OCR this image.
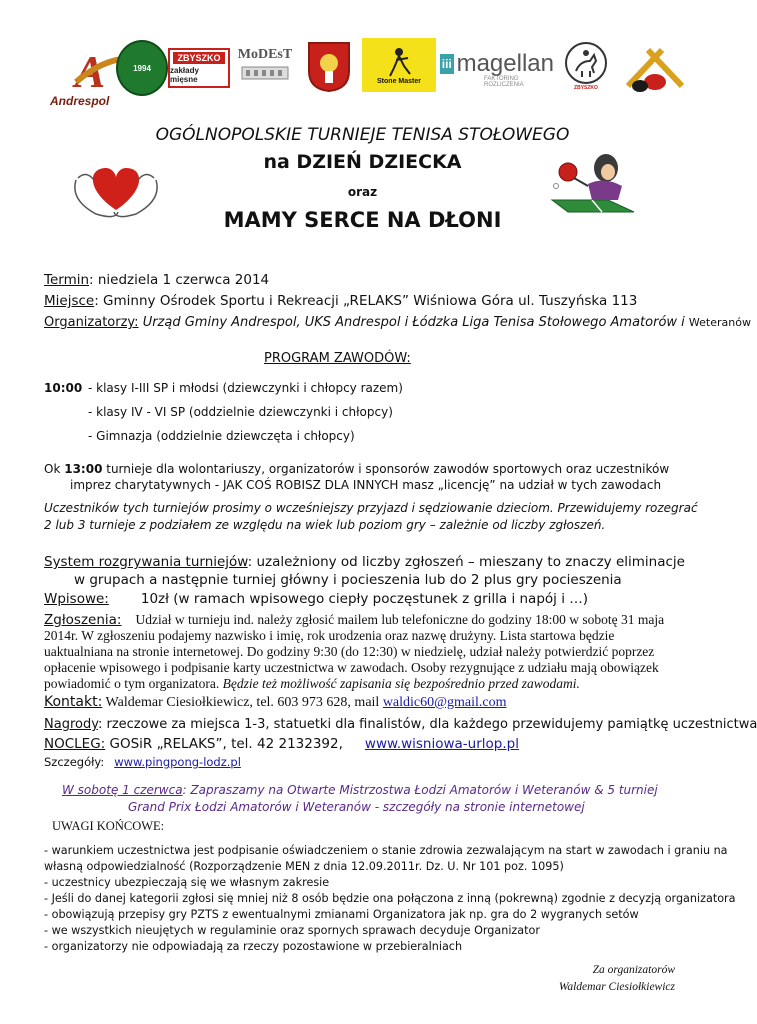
A
Andrespol
1994
ZBYSZKO
zakłady mięsne
MoDEsT
Stone Master
iii magellan
FAKTORING ROZLICZENIA	ZBYSZKO
OGÓLNOPOLSKIE TURNIEJE TENISA STOŁOWEGO
na DZIEŃ DZIECKA
oraz
MAMY SERCE NA DŁONI
Termin: niedziela 1 czerwca 2014
Miejsce: Gminny Ośrodek Sportu i Rekreacji „RELAKS” Wiśniowa Góra ul. Tuszyńska 113
Organizatorzy: Urząd Gminy Andrespol, UKS Andrespol i Łódzka Liga Tenisa Stołowego Amatorów i Weteranów
PROGRAM ZAWODÓW:
10:00 - klasy I-III SP i młodsi (dziewczynki i chłopcy razem)
- klasy IV - VI SP (oddzielnie dziewczynki i chłopcy)
- Gimnazja (oddzielnie dziewczęta i chłopcy)
Ok 13:00 turnieje dla wolontariuszy, organizatorów i sponsorów zawodów sportowych oraz uczestników
imprez charytatywnych - JAK COŚ ROBISZ DLA INNYCH masz „licencję” na udział w tych zawodach
Uczestników tych turniejów prosimy o wcześniejszy przyjazd i sędziowanie dzieciom. Przewidujemy rozegrać
2 lub 3 turnieje z podziałem ze względu na wiek lub poziom gry – zależnie od liczby zgłoszeń.
System rozgrywania turniejów: uzależniony od liczby zgłoszeń – mieszany to znaczy eliminacje
w grupach a następnie turniej główny i pocieszenia lub do 2 plus gry pocieszenia
Wpisowe: 10zł (w ramach wpisowego ciepły poczęstunek z grilla i napój i …)
Zgłoszenia: Udział w turnieju ind. należy zgłosić mailem lub telefoniczne do godziny 18:00 w sobotę 31 maja
2014r. W zgłoszeniu podajemy nazwisko i imię, rok urodzenia oraz nazwę drużyny. Lista startowa będzie
uaktualniana na stronie internetowej. Do godziny 9:30 (do 12:30) w niedzielę, udział należy potwierdzić poprzez
opłacenie wpisowego i podpisanie karty uczestnictwa w zawodach. Osoby rezygnujące z udziału mają obowiązek
powiadomić o tym organizatora. Będzie też możliwość zapisania się bezpośrednio przed zawodami.
Kontakt: Waldemar Ciesiołkiewicz, tel. 603 973 628, mail waldic60@gmail.com
Nagrody: rzeczowe za miejsca 1-3, statuetki dla finalistów, dla każdego przewidujemy pamiątkę uczestnictwa
NOCLEG: GOSiR „RELAKS”, tel. 42 2132392, www.wisniowa-urlop.pl
Szczegóły: www.pingpong-lodz.pl
W sobotę 1 czerwca: Zapraszamy na Otwarte Mistrzostwa Łodzi Amatorów i Weteranów & 5 turniej
Grand Prix Łodzi Amatorów i Weteranów - szczegóły na stronie internetowej
UWAGI KOŃCOWE:
- warunkiem uczestnictwa jest podpisanie oświadczeniem o stanie zdrowia zezwalającym na start w zawodach i graniu na
własną odpowiedzialność (Rozporządzenie MEN z dnia 12.09.2011r. Dz. U. Nr 101 poz. 1095)
- uczestnicy ubezpieczają się we własnym zakresie
- Jeśli do danej kategorii zgłosi się mniej niż 8 osób będzie ona połączona z inną (pokrewną) zgodnie z decyzją organizatora
- obowiązują przepisy gry PZTS z ewentualnymi zmianami Organizatora jak np. gra do 2 wygranych setów
- we wszystkich nieujętych w regulaminie oraz spornych sprawach decyduje Organizator
- organizatorzy nie odpowiadają za rzeczy pozostawione w przebieralniach
Za organizatorów
Waldemar Ciesiołkiewicz
